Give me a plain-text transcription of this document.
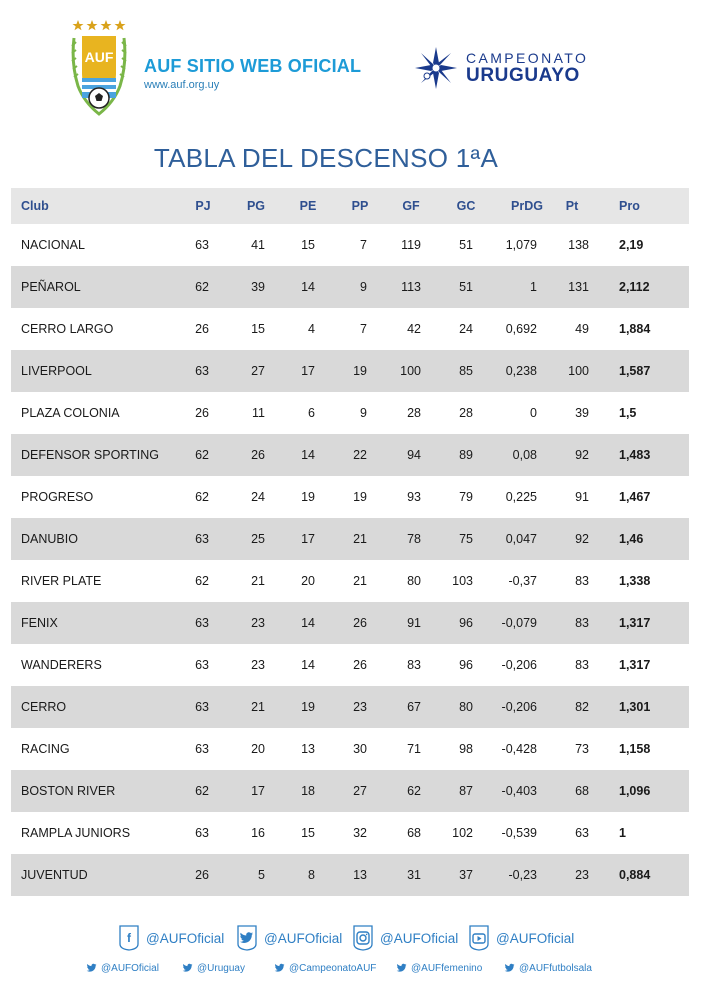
AUF AUF SITIO WEB OFICIAL
www.auf.org.uy
CAMPEONATO
URUGUAYO
TABLA DEL DESCENSO 1ªA
Club	PJ	PG	PE	PP	GF	GC	PrDG	Pt	Pro
NACIONAL	63	41	15	7	119	51	1,079	138 2,19
PEÑAROL	62	39	14	9	113	51	1	131 2,112
CERRO LARGO	26	15	4	7	42	24	0,692	49 1,884
LIVERPOOL	63	27	17	19	100	85	0,238	100 1,587
PLAZA COLONIA	26	11	6	9	28	28	0	39 1,5
DEFENSOR SPORTING	62	26	14	22	94	89	0,08	92 1,483
PROGRESO	62	24	19	19	93	79	0,225	91 1,467
DANUBIO	63	25	17	21	78	75	0,047	92 1,46
RIVER PLATE	62	21	20	21	80	103	-0,37	83 1,338
FENIX	63	23	14	26	91	96	-0,079	83 1,317
WANDERERS	63	23	14	26	83	96	-0,206	83 1,317
CERRO	63	21	19	23	67	80	-0,206	82 1,301
RACING	63	20	13	30	71	98	-0,428	73 1,158
BOSTON RIVER	62	17	18	27	62	87	-0,403	68 1,096
RAMPLA JUNIORS	63	16	15	32	68	102	-0,539	63 1
JUVENTUD	26	5	8	13	31	37	-0,23	23 0,884
f @AUFOficial	@AUFOficial	@AUFOficial	@AUFOficial
@AUFOficial	@Uruguay	@CampeonatoAUF	@AUFfemenino	@AUFfutbolsala
